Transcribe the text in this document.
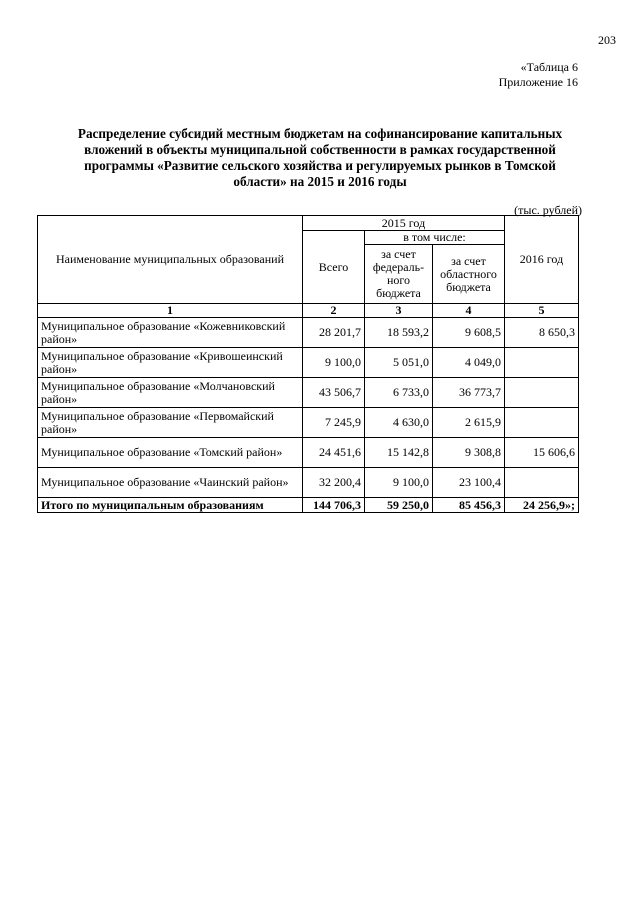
203
«Таблица 6
Приложение 16
Распределение субсидий местным бюджетам на софинансирование капитальных
вложений в объекты муниципальной собственности в рамках государственной
программы «Развитие сельского хозяйства и регулируемых рынков в Томской
области» на 2015 и 2016 годы
(тыс. рублей)
Наименование муниципальных образований	2015 год			2016 год
	Всего	в том числе:		
		за счет федераль-ного бюджета	за счет областного бюджета	
1	2	3	4	5
Муниципальное образование «Кожевниковский район»	28 201,7	18 593,2	9 608,5	8 650,3
Муниципальное образование «Кривошеинский район»	9 100,0	5 051,0	4 049,0	
Муниципальное образование «Молчановский район»	43 506,7	6 733,0	36 773,7	
Муниципальное образование «Первомайский район»	7 245,9	4 630,0	2 615,9	
Муниципальное образование «Томский район»	24 451,6	15 142,8	9 308,8	15 606,6
Муниципальное образование «Чаинский район»	32 200,4	9 100,0	23 100,4	
Итого по муниципальным образованиям	144 706,3	59 250,0	85 456,3	24 256,9»;
